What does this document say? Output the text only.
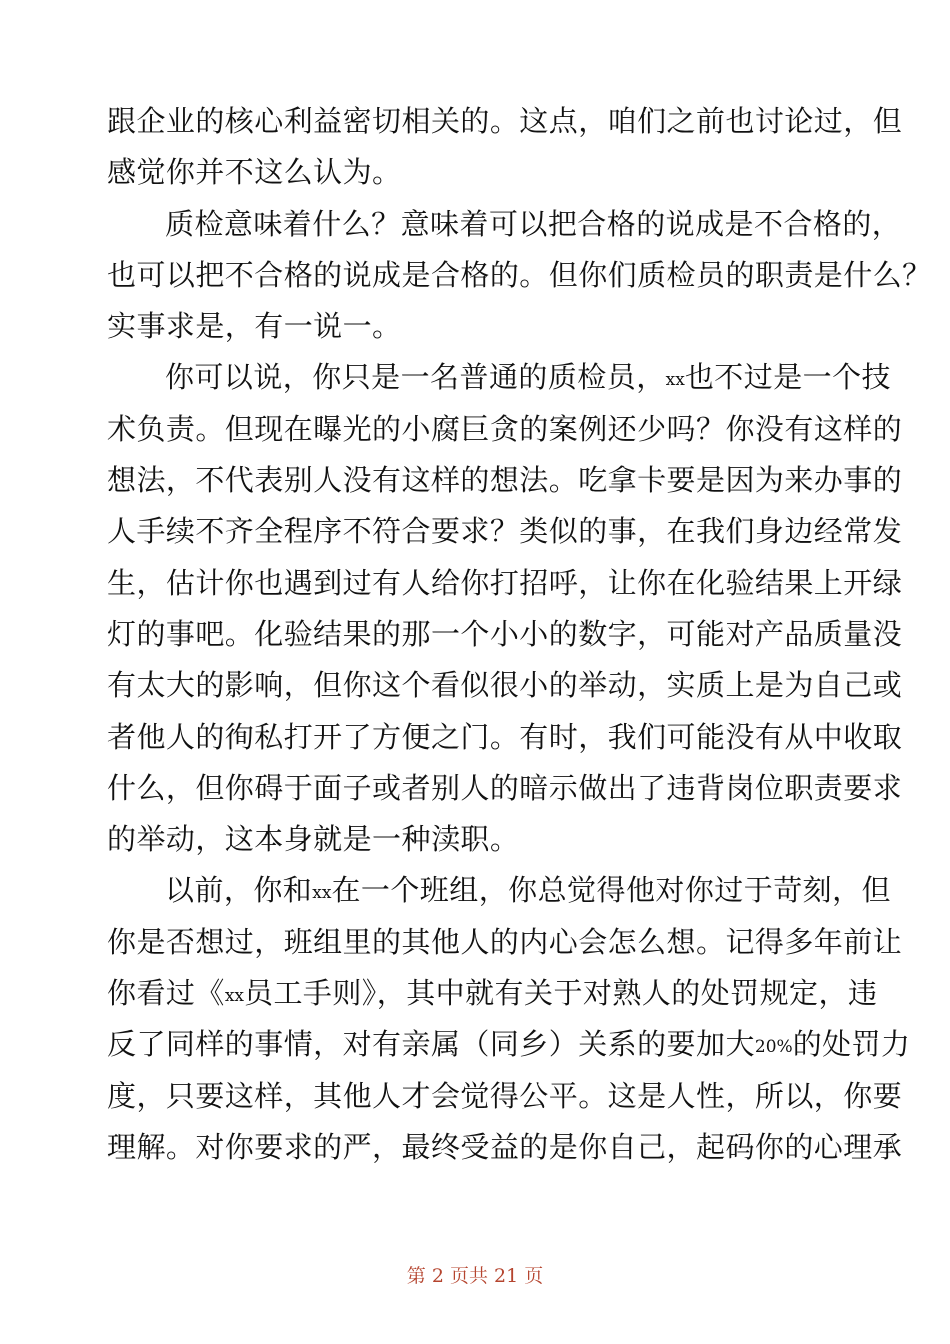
跟企业的核心利益密切相关的。这点，咱们之前也讨论过，但
感觉你并不这么认为。
质检意味着什么？意味着可以把合格的说成是不合格的，
也可以把不合格的说成是合格的。但你们质检员的职责是什么？
实事求是，有一说一。
你可以说，你只是一名普通的质检员，xx也不过是一个技
术负责。但现在曝光的小腐巨贪的案例还少吗？你没有这样的
想法，不代表别人没有这样的想法。吃拿卡要是因为来办事的
人手续不齐全程序不符合要求？类似的事，在我们身边经常发
生，估计你也遇到过有人给你打招呼，让你在化验结果上开绿
灯的事吧。化验结果的那一个小小的数字，可能对产品质量没
有太大的影响，但你这个看似很小的举动，实质上是为自己或
者他人的徇私打开了方便之门。有时，我们可能没有从中收取
什么，但你碍于面子或者别人的暗示做出了违背岗位职责要求
的举动，这本身就是一种渎职。
以前，你和xx在一个班组，你总觉得他对你过于苛刻，但
你是否想过，班组里的其他人的内心会怎么想。记得多年前让
你看过《xx员工手则》，其中就有关于对熟人的处罚规定，违
反了同样的事情，对有亲属（同乡）关系的要加大20%的处罚力
度，只要这样，其他人才会觉得公平。这是人性，所以，你要
理解。对你要求的严，最终受益的是你自己，起码你的心理承
第 2 页共 21 页
